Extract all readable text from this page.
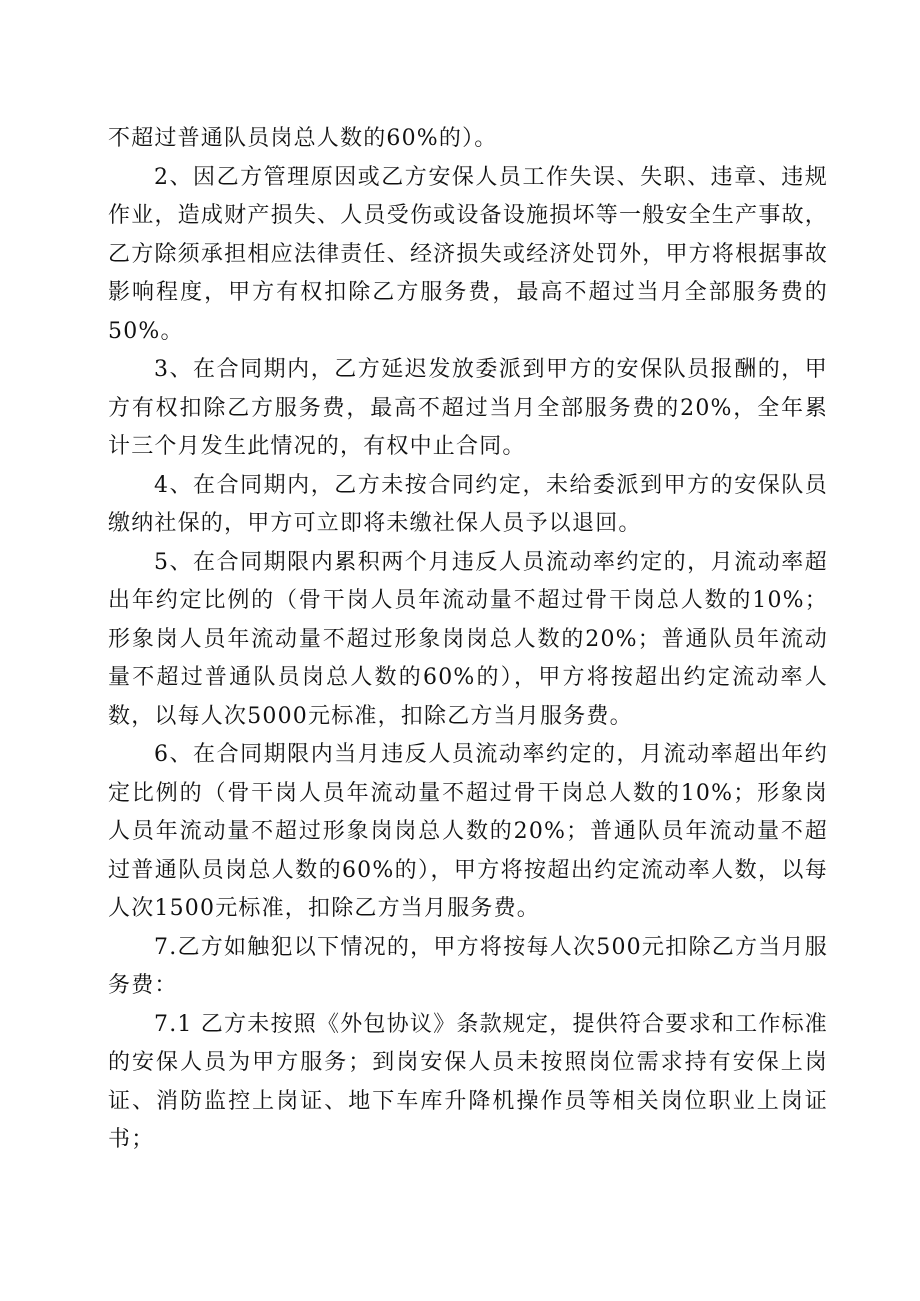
不超过普通队员岗总人数的60%的）。

2、因乙方管理原因或乙方安保人员工作失误、失职、违章、违规作业，造成财产损失、人员受伤或设备设施损坏等一般安全生产事故，乙方除须承担相应法律责任、经济损失或经济处罚外，甲方将根据事故影响程度，甲方有权扣除乙方服务费，最高不超过当月全部服务费的50%。

3、在合同期内，乙方延迟发放委派到甲方的安保队员报酬的，甲方有权扣除乙方服务费，最高不超过当月全部服务费的20%，全年累计三个月发生此情况的，有权中止合同。

4、在合同期内，乙方未按合同约定，未给委派到甲方的安保队员缴纳社保的，甲方可立即将未缴社保人员予以退回。

5、在合同期限内累积两个月违反人员流动率约定的，月流动率超出年约定比例的（骨干岗人员年流动量不超过骨干岗总人数的10%；形象岗人员年流动量不超过形象岗岗总人数的20%；普通队员年流动量不超过普通队员岗总人数的60%的），甲方将按超出约定流动率人数，以每人次5000元标准，扣除乙方当月服务费。

6、在合同期限内当月违反人员流动率约定的，月流动率超出年约定比例的（骨干岗人员年流动量不超过骨干岗总人数的10%；形象岗人员年流动量不超过形象岗岗总人数的20%；普通队员年流动量不超过普通队员岗总人数的60%的），甲方将按超出约定流动率人数，以每人次1500元标准，扣除乙方当月服务费。

7.乙方如触犯以下情况的，甲方将按每人次500元扣除乙方当月服务费：

7.1 乙方未按照《外包协议》条款规定，提供符合要求和工作标准的安保人员为甲方服务；到岗安保人员未按照岗位需求持有安保上岗证、消防监控上岗证、地下车库升降机操作员等相关岗位职业上岗证书；
